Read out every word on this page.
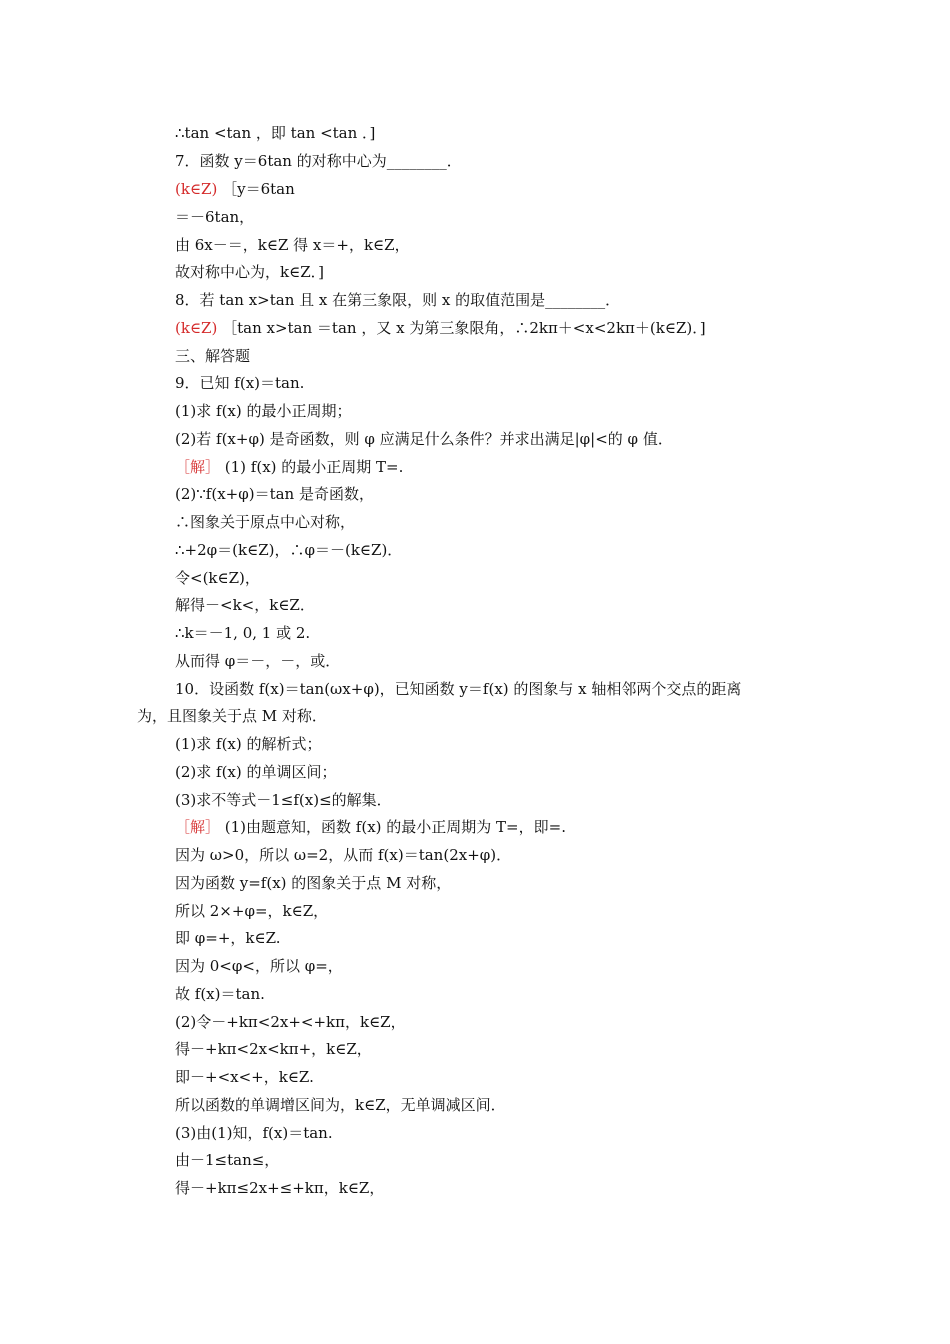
∴tan <tan ，即 tan <tan ．]
7．函数 y＝6tan 的对称中心为________．
(k∈Z) ［y＝6tan
＝－6tan，
由 6x－＝，k∈Z 得 x＝+，k∈Z，
故对称中心为，k∈Z．]
8．若 tan x>tan 且 x 在第三象限，则 x 的取值范围是________．
(k∈Z) ［tan x>tan ＝tan ，又 x 为第三象限角，∴2kπ＋<x<2kπ＋(k∈Z)．]
三、解答题
9．已知 f(x)＝tan.
(1)求 f(x) 的最小正周期；
(2)若 f(x+φ) 是奇函数，则 φ 应满足什么条件？并求出满足|φ|<的 φ 值．
［解］ (1) f(x) 的最小正周期 T=.
(2)∵f(x+φ)＝tan 是奇函数，
∴图象关于原点中心对称，
∴+2φ＝(k∈Z)，∴φ＝－(k∈Z)．
令<(k∈Z)，
解得－<k<，k∈Z．
∴k＝－1, 0, 1 或 2.
从而得 φ＝－，－，或．
10．设函数 f(x)＝tan(ωx+φ)，已知函数 y＝f(x) 的图象与 x 轴相邻两个交点的距离
为，且图象关于点 M 对称．
(1)求 f(x) 的解析式；
(2)求 f(x) 的单调区间；
(3)求不等式－1≤f(x)≤的解集．
［解］ (1)由题意知，函数 f(x) 的最小正周期为 T=，即=.
因为 ω>0，所以 ω=2，从而 f(x)＝tan(2x+φ)．
因为函数 y=f(x) 的图象关于点 M 对称，
所以 2×+φ=，k∈Z，
即 φ=+，k∈Z.
因为 0<φ<，所以 φ=，
故 f(x)＝tan.
(2)令－+kπ<2x+<+kπ，k∈Z，
得－+kπ<2x<kπ+，k∈Z，
即－+<x<+，k∈Z.
所以函数的单调增区间为，k∈Z，无单调减区间．
(3)由(1)知，f(x)＝tan.
由－1≤tan≤，
得－+kπ≤2x+≤+kπ，k∈Z，
